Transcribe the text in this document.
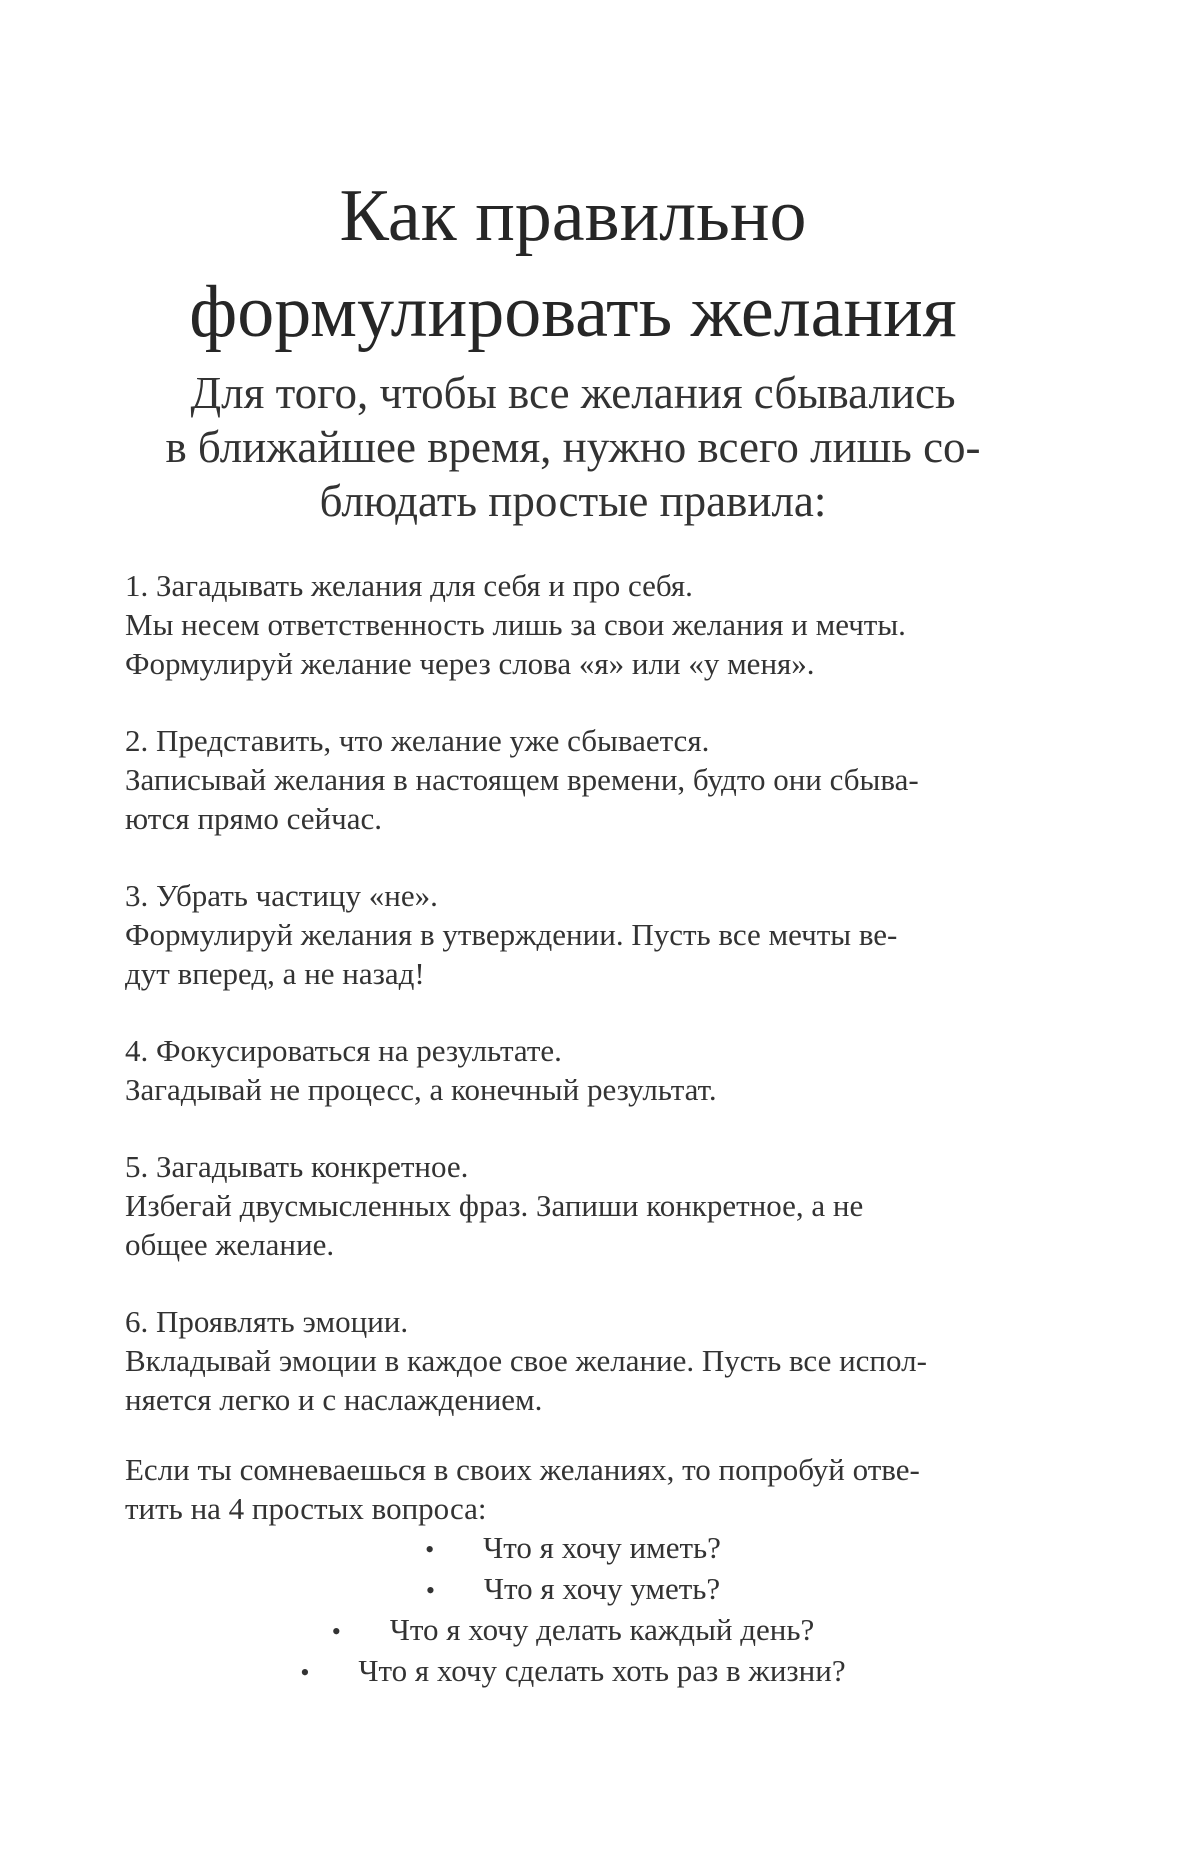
Как правильно
формулировать желания

Для того, чтобы все желания сбывались
в ближайшее время, нужно всего лишь со-
блюдать простые правила:

1. Загадывать желания для себя и про себя.
Мы несем ответственность лишь за свои желания и мечты.
Формулируй желание через слова «я» или «у меня».
2. Представить, что желание уже сбывается.
Записывай желания в настоящем времени, будто они сбыва-
ются прямо сейчас.
3. Убрать частицу «не».
Формулируй желания в утверждении. Пусть все мечты ве-
дут вперед, а не назад!
4. Фокусироваться на результате.
Загадывай не процесс, а конечный результат.
5. Загадывать конкретное.
Избегай двусмысленных фраз. Запиши конкретное, а не
общее желание.
6. Проявлять эмоции.
Вкладывай эмоции в каждое свое желание. Пусть все испол-
няется легко и с наслаждением.
Если ты сомневаешься в своих желаниях, то попробуй отве-
тить на 4 простых вопроса:
• Что я хочу иметь?
• Что я хочу уметь?
• Что я хочу делать каждый день?
• Что я хочу сделать хоть раз в жизни?
